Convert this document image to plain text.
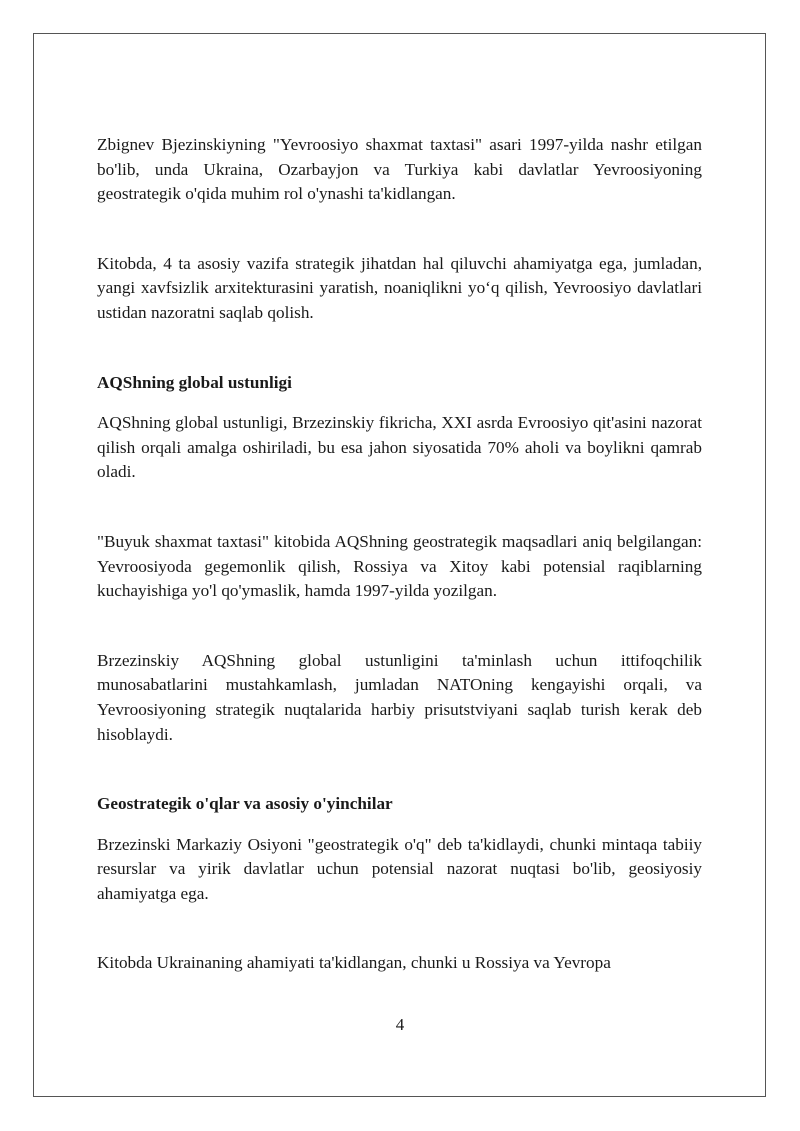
Zbignev Bjezinskiyning "Yevroosiyo shaxmat taxtasi" asari 1997-yilda nashr etilgan bo'lib, unda Ukraina, Ozarbayjon va Turkiya kabi davlatlar Yevroosiyoning geostrategik o'qida muhim rol o'ynashi ta'kidlangan.

Kitobda, 4 ta asosiy vazifa strategik jihatdan hal qiluvchi ahamiyatga ega, jumladan, yangi xavfsizlik arxitekturasini yaratish, noaniqlikni yo‘q qilish, Yevroosiyo davlatlari ustidan nazoratni saqlab qolish.

AQShning global ustunligi

AQShning global ustunligi, Brzezinskiy fikricha, XXI asrda Evroosiyo qit'asini nazorat qilish orqali amalga oshiriladi, bu esa jahon siyosatida 70% aholi va boylikni qamrab oladi.

"Buyuk shaxmat taxtasi" kitobida AQShning geostrategik maqsadlari aniq belgilangan: Yevroosiyoda gegemonlik qilish, Rossiya va Xitoy kabi potensial raqiblarning kuchayishiga yo'l qo'ymaslik, hamda 1997-yilda yozilgan.

Brzezinskiy AQShning global ustunligini ta'minlash uchun ittifoqchilik munosabatlarini mustahkamlash, jumladan NATOning kengayishi orqali, va Yevroosiyoning strategik nuqtalarida harbiy prisutstviyani saqlab turish kerak deb hisoblaydi.

Geostrategik o'qlar va asosiy o'yinchilar

Brzezinski Markaziy Osiyoni "geostrategik o'q" deb ta'kidlaydi, chunki mintaqa tabiiy resurslar va yirik davlatlar uchun potensial nazorat nuqtasi bo'lib, geosiyosiy ahamiyatga ega.

Kitobda Ukrainaning ahamiyati ta'kidlangan, chunki u Rossiya va Yevropa

4
